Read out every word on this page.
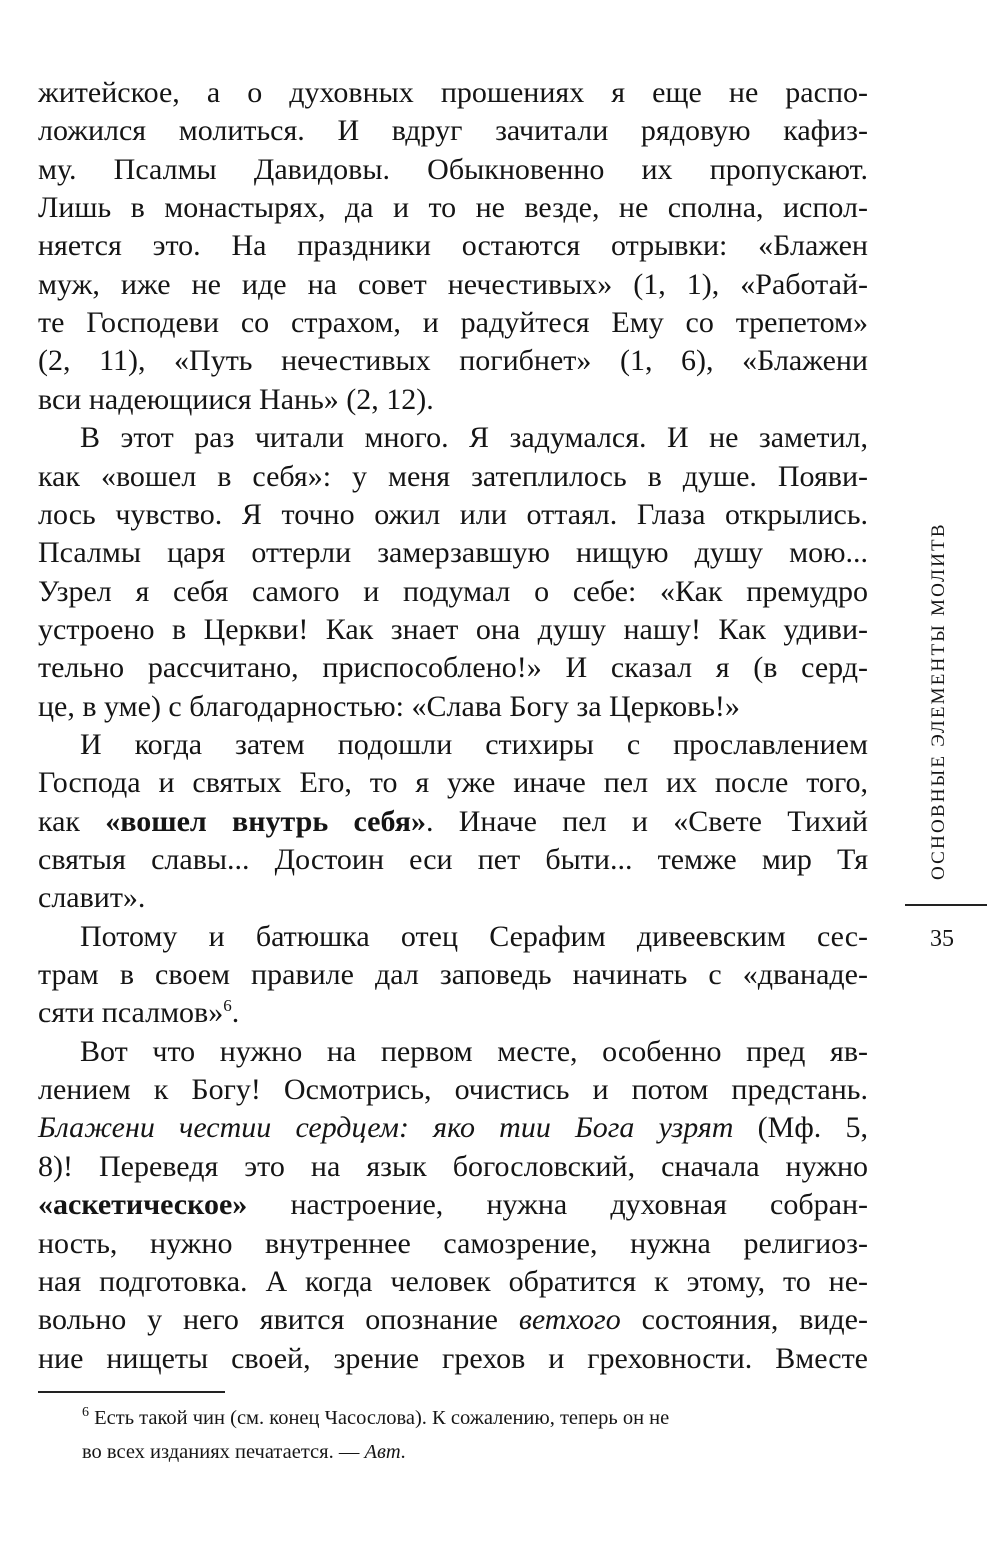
житейское, а о духовных прошениях я еще не распо-
ложился молиться. И вдруг зачитали рядовую кафиз-
му. Псалмы Давидовы. Обыкновенно их пропускают.
Лишь в монастырях, да и то не везде, не сполна, испол-
няется это. На праздники остаются отрывки: «Блажен
муж, иже не иде на совет нечестивых» (1, 1), «Работай-
те Господеви со страхом, и радуйтеся Ему со трепетом»
(2, 11), «Путь нечестивых погибнет» (1, 6), «Блажени
вси надеющиися Нань» (2, 12).
В этот раз читали много. Я задумался. И не заметил,
как «вошел в себя»: у меня затеплилось в душе. Появи-
лось чувство. Я точно ожил или оттаял. Глаза открылись.
Псалмы царя оттерли замерзавшую нищую душу мою...
Узрел я себя самого и подумал о себе: «Как премудро
устроено в Церкви! Как знает она душу нашу! Как удиви-
тельно рассчитано, приспособлено!» И сказал я (в серд-
це, в уме) с благодарностью: «Слава Богу за Церковь!»
И когда затем подошли стихиры с прославлением
Господа и святых Его, то я уже иначе пел их после того,
как «вошел внутрь себя». Иначе пел и «Свете Тихий
святыя славы... Достоин еси пет быти... темже мир Тя
славит».
Потому и батюшка отец Серафим дивеевским сес-
трам в своем правиле дал заповедь начинать с «дванаде-
сяти псалмов»$^6$.
Вот что нужно на первом месте, особенно пред яв-
лением к Богу! Осмотрись, очистись и потом предстань.
Блажени честии сердцем: яко тии Бога узрят (Мф. 5,
8)! Переведя это на язык богословский, сначала нужно
«аскетическое» настроение, нужна духовная собран-
ность, нужно внутреннее самозрение, нужна религиоз-
ная подготовка. А когда человек обратится к этому, то не-
вольно у него явится опознание ветхого состояния, виде-
ние нищеты своей, зрение грехов и греховности. Вместе
$^6$ Есть такой чин (см. конец Часослова). К сожалению, теперь он не
во всех изданиях печатается. — Авт.
ОСНОВНЫЕ ЭЛЕМЕНТЫ МОЛИТВ
35
